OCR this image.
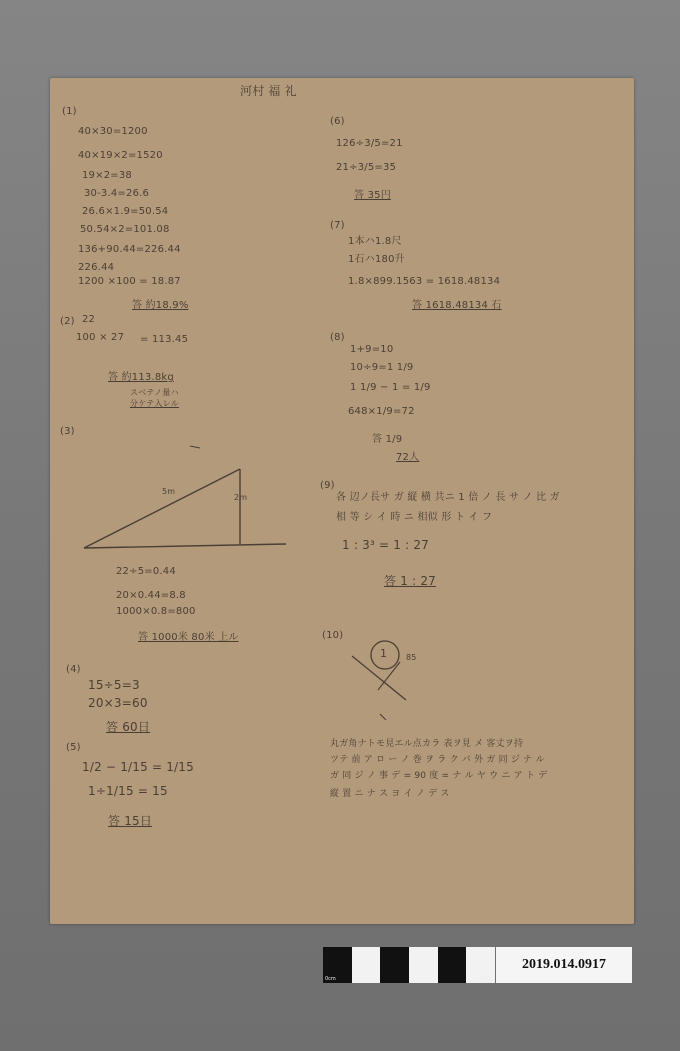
河村 福 礼
(1)
40×30=1200
40×19×2=1520
19×2=38
30-3.4=26.6
26.6×1.9=50.54
50.54×2=101.08
136+90.44=226.44
226.44
1200 ×100 = 18.87
答 約18.9%
(2) 22
100 × 27 = 113.45
答 約113.8kg
スベテノ量ハ
分ケテ入レル
(3)
5m
2m
22÷5=0.44
20×0.44=8.8
1000×0.8=800
答 1000米 80米 上ル
(4)
15÷5=3
20×3=60
答 60日
(5)
1/2 − 1/15 = 1/15
1÷1/15 = 15
答 15日
(6)
126÷3/5=21
21÷3/5=35
答 35円
(7)
1本ハ1.8尺
1石ハ180升
1.8×899.1563 = 1618.48134
答 1618.48134 石
(8)
1+9=10
10÷9=1 1/9
1 1/9 − 1 = 1/9
648×1/9=72
答 1/9
72人
(9)
各 辺ノ長サ ガ 縦 横 共ニ 1 倍 ノ 長 サ ノ 比 ガ
相 等 シ イ 時 ニ 相似 形 ト イ フ
1 : 3³ = 1 : 27
答 1 : 27
(10)
1 85
丸ガ角ナトモ見エル点カラ 表ヲ見 メ 客丈ヲ持
ツテ 前 ア ロ ー ノ 巻 ヲ ラ ク バ 外 ガ 同 ジ ナ ル
ガ 同 ジ ノ 事 デ = 90 度 = ナ ル ヤ ウ ニ ア ト デ
縦 置 ニ ナ ス ヨ イ ノ デ ス
0cm	5cm
2019.014.0917
